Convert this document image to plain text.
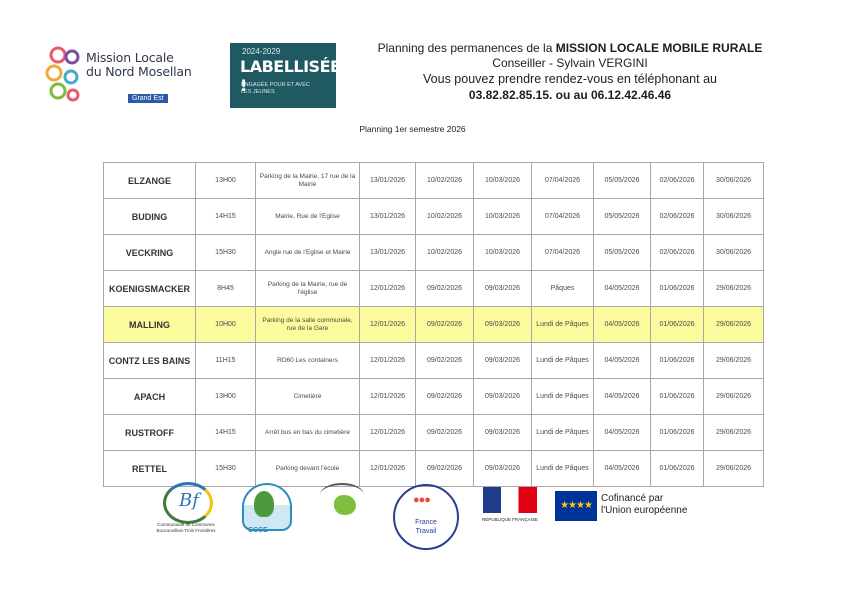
Mission Locale
du Nord Mosellan
Grand Est
2024-2029
LABELLISÉE !
ENGAGÉE POUR ET AVEC LES JEUNES
Planning des permanences de la MISSION LOCALE MOBILE RURALE
Conseiller - Sylvain VERGINI
Vous pouvez prendre rendez-vous en téléphonant au
03.82.82.85.15. ou au 06.12.42.46.46
Planning 1er semestre 2026
ELZANGE	13H00	Parking de la Mairie, 17 rue de la Mairie	13/01/2026	10/02/2026	10/03/2026	07/04/2026	05/05/2026	02/06/2026	30/06/2026
BUDING	14H15	Mairie, Rue de l'Eglise	13/01/2026	10/02/2026	10/03/2026	07/04/2026	05/05/2026	02/06/2026	30/06/2026
VECKRING	15H30	Angle rue de l'Eglise et Mairie	13/01/2026	10/02/2026	10/03/2026	07/04/2026	05/05/2026	02/06/2026	30/06/2026
KOENIGSMACKER	8H45	Parking de la Mairie, rue de l'église	12/01/2026	09/02/2026	09/03/2026	Pâques	04/05/2026	01/06/2026	29/06/2026
MALLING	10H00	Parking de la salle communale, rue de la Gare	12/01/2026	09/02/2026	09/03/2026	Lundi de Pâques	04/05/2026	01/06/2026	29/06/2026
CONTZ LES BAINS	11H15	RD60 Les containers	12/01/2026	09/02/2026	09/03/2026	Lundi de Pâques	04/05/2026	01/06/2026	29/06/2026
APACH	13H00	Cimetière	12/01/2026	09/02/2026	09/03/2026	Lundi de Pâques	04/05/2026	01/06/2026	29/06/2026
RUSTROFF	14H15	Arrêt bus en bas du cimetière	12/01/2026	09/02/2026	09/03/2026	Lundi de Pâques	04/05/2026	01/06/2026	29/06/2026
RETTEL	15H30	Parking devant l'école	12/01/2026	09/02/2026	09/03/2026	Lundi de Pâques	04/05/2026	01/06/2026	29/06/2026
Bf
Communauté de Communes Bouzonvillois-Trois Frontières	CCCE
●●●
France
Travail
RÉPUBLIQUE FRANÇAISE
★★★★
Cofinancé par
l'Union européenne
